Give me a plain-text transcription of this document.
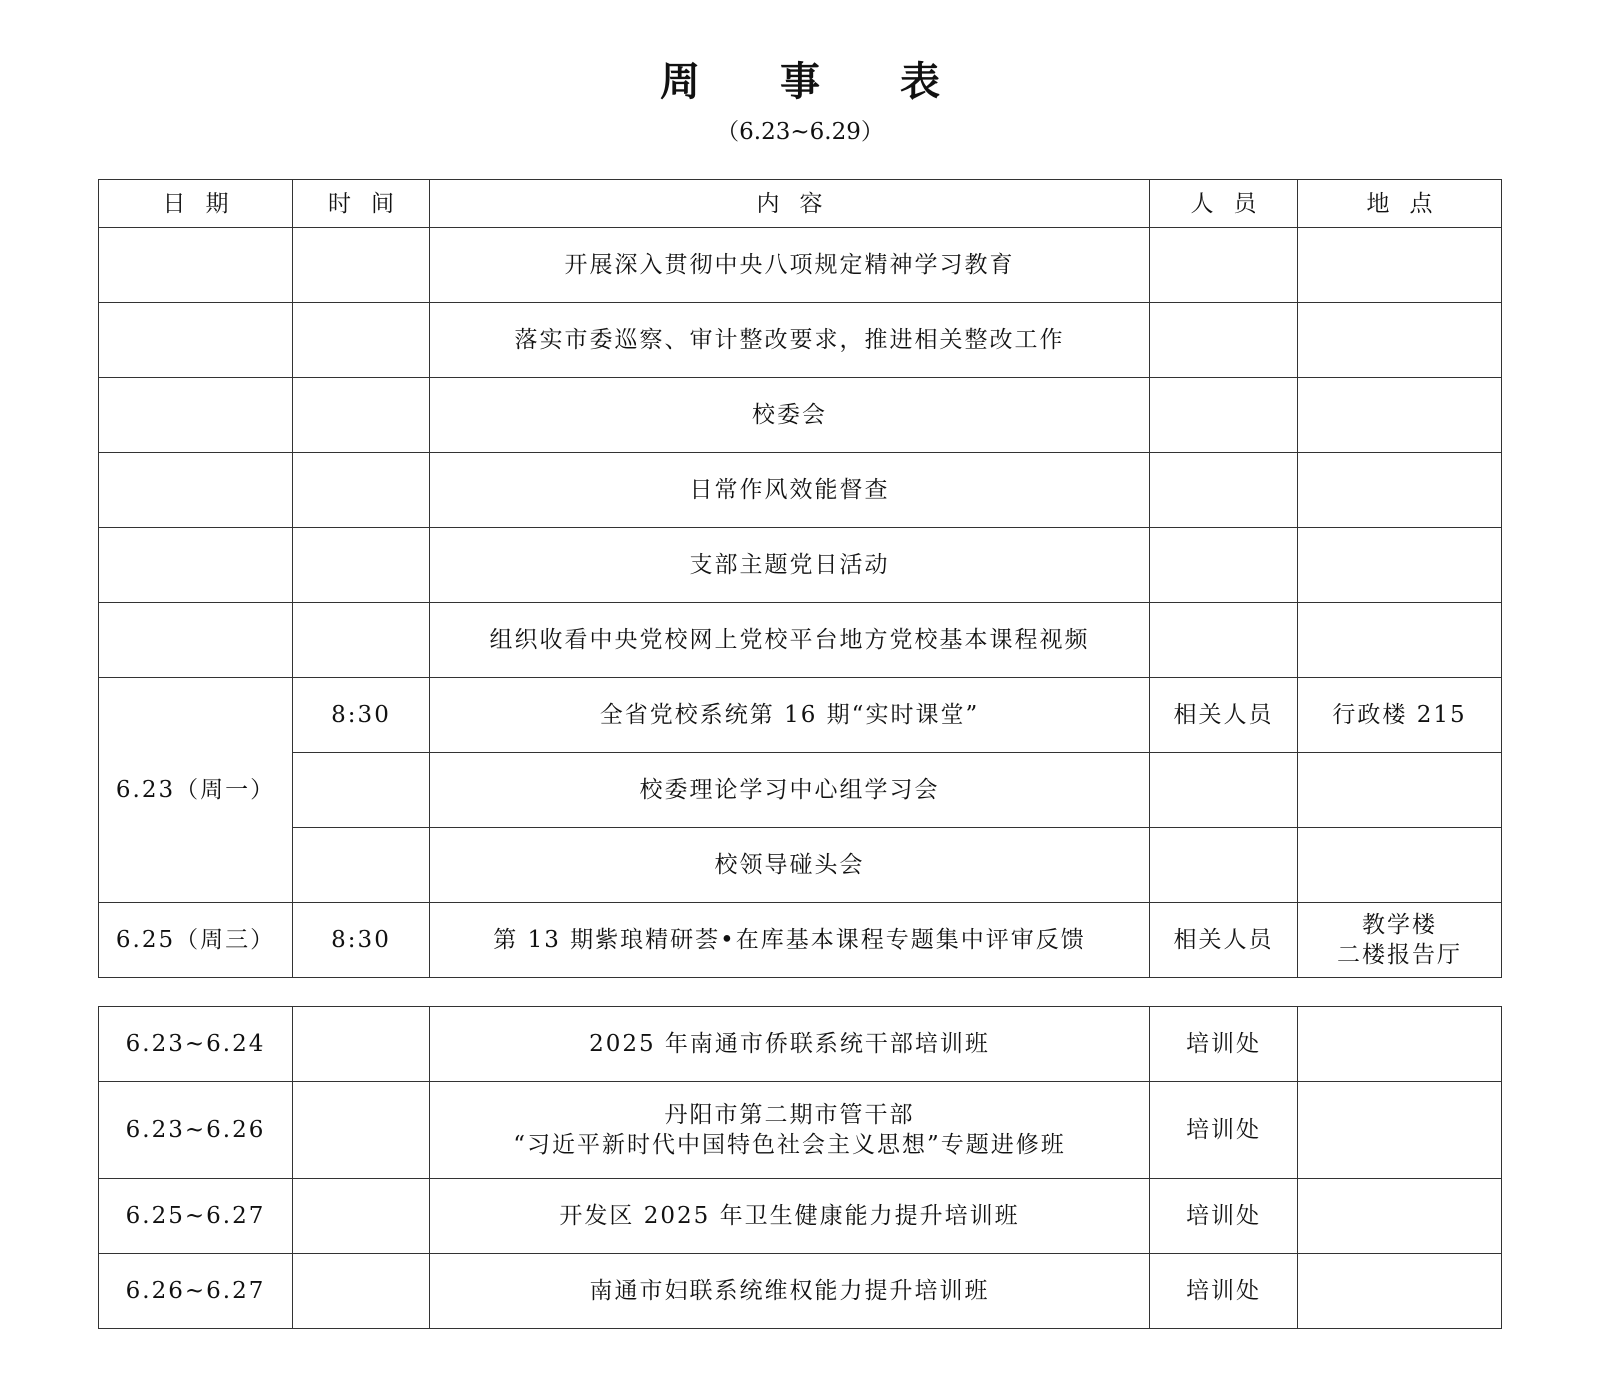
周事表
（6.23~6.29）
日期	时间	内容	人员	地点
		开展深入贯彻中央八项规定精神学习教育		
		落实市委巡察、审计整改要求，推进相关整改工作		
		校委会		
		日常作风效能督查		
		支部主题党日活动		
		组织收看中央党校网上党校平台地方党校基本课程视频		
6.23（周一）	8:30	全省党校系统第 16 期“实时课堂”	相关人员	行政楼 215
		校委理论学习中心组学习会		
		校领导碰头会		
6.25（周三）	8:30	第 13 期紫琅精研荟•在库基本课程专题集中评审反馈	相关人员	教学楼
二楼报告厅
6.23~6.24		2025 年南通市侨联系统干部培训班	培训处	
6.23~6.26		丹阳市第二期市管干部
“习近平新时代中国特色社会主义思想”专题进修班	培训处	
6.25~6.27		开发区 2025 年卫生健康能力提升培训班	培训处	
6.26~6.27		南通市妇联系统维权能力提升培训班	培训处	
